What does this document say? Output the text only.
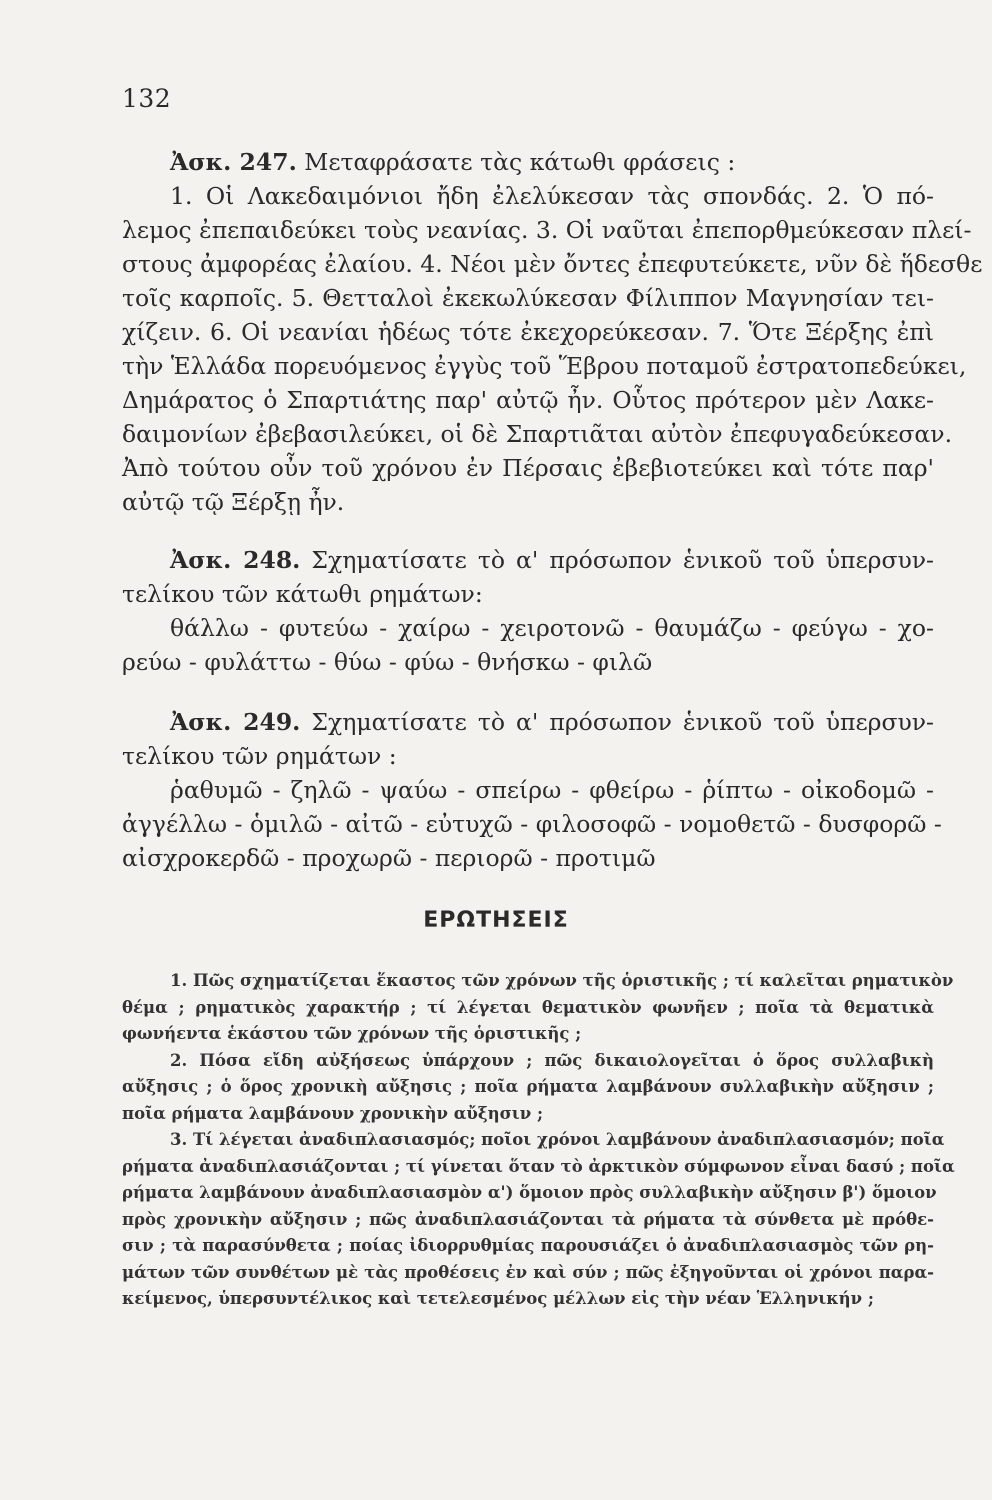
132
Ἀσκ. 247. Μεταφράσατε τὰς κάτωθι φράσεις :
1. Οἱ Λακεδαιμόνιοι ἤδη ἐλελύκεσαν τὰς σπονδάς. 2. Ὁ πό-
λεμος ἐπεπαιδεύκει τοὺς νεανίας. 3. Οἱ ναῦται ἐπεπορθμεύκεσαν πλεί-
στους ἀμφορέας ἐλαίου. 4. Νέοι μὲν ὄντες ἐπεφυτεύκετε, νῦν δὲ ἥδεσθε
τοῖς καρποῖς. 5. Θετταλοὶ ἐκεκωλύκεσαν Φίλιππον Μαγνησίαν τει-
χίζειν. 6. Οἱ νεανίαι ἡδέως τότε ἐκεχορεύκεσαν. 7. Ὅτε Ξέρξης ἐπὶ
τὴν Ἑλλάδα πορευόμενος ἐγγὺς τοῦ Ἕβρου ποταμοῦ ἐστρατοπεδεύκει,
Δημάρατος ὁ Σπαρτιάτης παρ' αὐτῷ ἦν. Οὗτος πρότερον μὲν Λακε-
δαιμονίων ἐβεβασιλεύκει, οἱ δὲ Σπαρτιᾶται αὐτὸν ἐπεφυγαδεύκεσαν.
Ἀπὸ τούτου οὖν τοῦ χρόνου ἐν Πέρσαις ἐβεβιοτεύκει καὶ τότε παρ'
αὐτῷ τῷ Ξέρξῃ ἦν.
Ἀσκ. 248. Σχηματίσατε τὸ α' πρόσωπον ἑνικοῦ τοῦ ὑπερσυν-
τελίκου τῶν κάτωθι ρημάτων:
θάλλω - φυτεύω - χαίρω - χειροτονῶ - θαυμάζω - φεύγω - χο-
ρεύω - φυλάττω - θύω - φύω - θνήσκω - φιλῶ
Ἀσκ. 249. Σχηματίσατε τὸ α' πρόσωπον ἑνικοῦ τοῦ ὑπερσυν-
τελίκου τῶν ρημάτων :
ῥαθυμῶ - ζηλῶ - ψαύω - σπείρω - φθείρω - ῥίπτω - οἰκοδομῶ -
ἀγγέλλω - ὁμιλῶ - αἰτῶ - εὐτυχῶ - φιλοσοφῶ - νομοθετῶ - δυσφορῶ -
αἰσχροκερδῶ - προχωρῶ - περιορῶ - προτιμῶ
ΕΡΩΤΗΣΕΙΣ
1. Πῶς σχηματίζεται ἕκαστος τῶν χρόνων τῆς ὁριστικῆς ; τί καλεῖται ρηματικὸν
θέμα ; ρηματικὸς χαρακτήρ ; τί λέγεται θεματικὸν φωνῆεν ; ποῖα τὰ θεματικὰ
φωνήεντα ἑκάστου τῶν χρόνων τῆς ὁριστικῆς ;
2. Πόσα εἴδη αὐξήσεως ὑπάρχουν ; πῶς δικαιολογεῖται ὁ ὅρος συλλαβικὴ
αὔξησις ; ὁ ὅρος χρονικὴ αὔξησις ; ποῖα ρήματα λαμβάνουν συλλαβικὴν αὔξησιν ;
ποῖα ρήματα λαμβάνουν χρονικὴν αὔξησιν ;
3. Τί λέγεται ἀναδιπλασιασμός; ποῖοι χρόνοι λαμβάνουν ἀναδιπλασιασμόν; ποῖα
ρήματα ἀναδιπλασιάζονται ; τί γίνεται ὅταν τὸ ἀρκτικὸν σύμφωνον εἶναι δασύ ; ποῖα
ρήματα λαμβάνουν ἀναδιπλασιασμὸν α') ὅμοιον πρὸς συλλαβικὴν αὔξησιν β') ὅμοιον
πρὸς χρονικὴν αὔξησιν ; πῶς ἀναδιπλασιάζονται τὰ ρήματα τὰ σύνθετα μὲ πρόθε-
σιν ; τὰ παρασύνθετα ; ποίας ἰδιορρυθμίας παρουσιάζει ὁ ἀναδιπλασιασμὸς τῶν ρη-
μάτων τῶν συνθέτων μὲ τὰς προθέσεις ἐν καὶ σύν ; πῶς ἐξηγοῦνται οἱ χρόνοι παρα-
κείμενος, ὑπερσυντέλικος καὶ τετελεσμένος μέλλων εἰς τὴν νέαν Ἑλληνικήν ;
